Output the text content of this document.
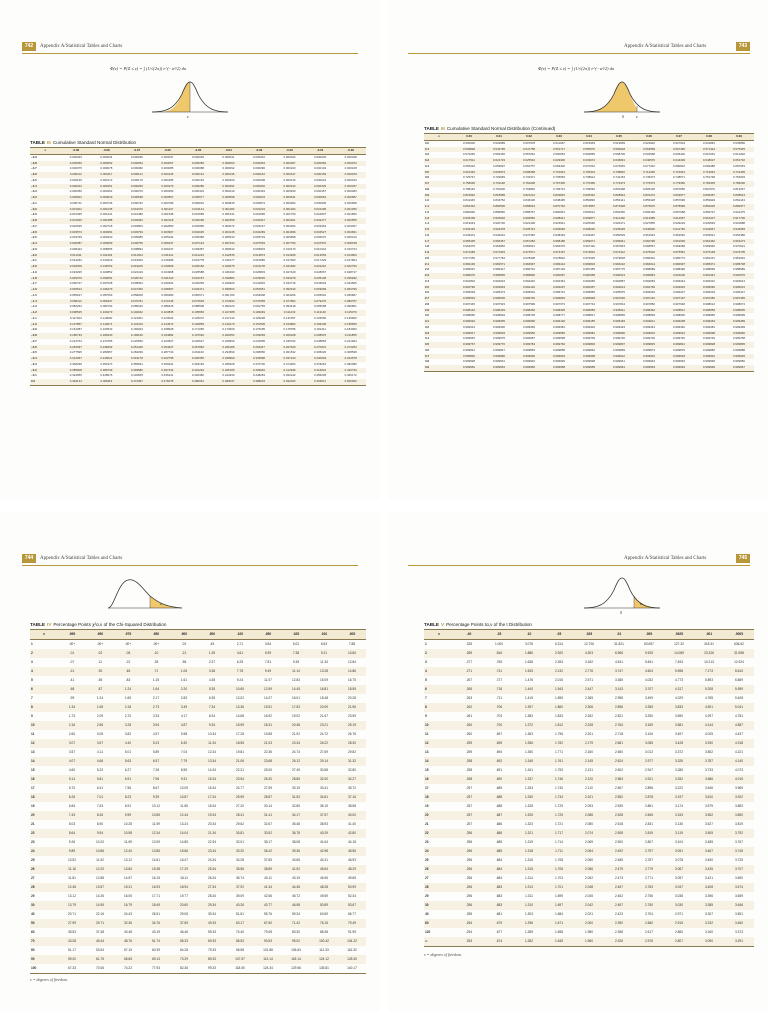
742	Appendix A/Statistical Tables and Charts
Φ(z) = P(Z ≤ z) = ∫ (1/√(2π)) e^(−u²/2) du
z
TABLE III Cumulative Standard Normal Distribution
z	-0.09	-0.08	-0.07	-0.06	-0.05	-0.04	-0.03	-0.02	-0.01	-0.00
−3.9	0.000033	0.000034	0.000036	0.000037	0.000039	0.000041	0.000042	0.000044	0.000046	0.000048
−3.8	0.000050	0.000052	0.000054	0.000057	0.000059	0.000062	0.000064	0.000067	0.000069	0.000072
−3.7	0.000075	0.000078	0.000082	0.000085	0.000088	0.000092	0.000096	0.000100	0.000104	0.000108
−3.6	0.000112	0.000117	0.000121	0.000126	0.000131	0.000136	0.000142	0.000147	0.000153	0.000159
−3.5	0.000165	0.000172	0.000179	0.000185	0.000193	0.000200	0.000208	0.000216	0.000224	0.000233
−3.4	0.000242	0.000251	0.000260	0.000270	0.000280	0.000291	0.000302	0.000313	0.000325	0.000337
−3.3	0.000350	0.000362	0.000376	0.000390	0.000404	0.000419	0.000434	0.000450	0.000467	0.000483
−3.2	0.000501	0.000519	0.000538	0.000557	0.000577	0.000598	0.000619	0.000641	0.000664	0.000687
−3.1	0.000711	0.000736	0.000762	0.000789	0.000816	0.000845	0.000874	0.000904	0.000935	0.000968
−3.0	0.001001	0.001035	0.001070	0.001107	0.001144	0.001183	0.001223	0.001264	0.001306	0.001350
−2.9	0.001395	0.001441	0.001489	0.001538	0.001589	0.001641	0.001695	0.001750	0.001807	0.001866
−2.8	0.001926	0.001988	0.002052	0.002118	0.002186	0.002256	0.002327	0.002401	0.002477	0.002555
−2.7	0.002635	0.002718	0.002803	0.002890	0.002980	0.003072	0.003167	0.003264	0.003364	0.003467
−2.6	0.003573	0.003681	0.003793	0.003907	0.004025	0.004145	0.004269	0.004396	0.004527	0.004661
−2.5	0.004799	0.004940	0.005085	0.005234	0.005386	0.005543	0.005703	0.005868	0.006037	0.006210
−2.4	0.006387	0.006569	0.006756	0.006947	0.007143	0.007344	0.007549	0.007760	0.007976	0.008198
−2.3	0.008424	0.008656	0.008894	0.009137	0.009387	0.009642	0.009903	0.010170	0.010444	0.010724
−2.2	0.011011	0.011304	0.011604	0.011911	0.012224	0.012545	0.012874	0.013209	0.013553	0.013903
−2.1	0.014262	0.014629	0.015003	0.015386	0.015778	0.016177	0.016586	0.017003	0.017429	0.017864
−2.0	0.018309	0.018763	0.019226	0.019699	0.020182	0.020675	0.021178	0.021692	0.022216	0.022750
−1.9	0.023295	0.023852	0.024419	0.024998	0.025588	0.026190	0.026803	0.027429	0.028067	0.028717
−1.8	0.029379	0.030054	0.030742	0.031443	0.032157	0.032884	0.033625	0.034379	0.035148	0.035930
−1.7	0.036727	0.037538	0.038364	0.039204	0.040059	0.040929	0.041815	0.042716	0.043633	0.044565
−1.6	0.045514	0.046479	0.047460	0.048457	0.049471	0.050503	0.051551	0.052616	0.053699	0.054799
−1.5	0.055917	0.057053	0.058208	0.059380	0.060571	0.061780	0.063008	0.064256	0.065522	0.066807
−1.4	0.068112	0.069437	0.070781	0.072145	0.073529	0.074934	0.076359	0.077804	0.079270	0.080757
−1.3	0.082264	0.083793	0.085343	0.086915	0.088508	0.090123	0.091759	0.093418	0.095098	0.096801
−1.2	0.098525	0.100273	0.102042	0.103835	0.105650	0.107488	0.109349	0.111233	0.113140	0.115070
−1.1	0.117023	0.119000	0.121001	0.123024	0.125072	0.127143	0.129238	0.131357	0.133500	0.135666
−1.0	0.137857	0.140071	0.142310	0.144572	0.146859	0.149170	0.151505	0.153864	0.156248	0.158655
−0.9	0.161087	0.163543	0.166023	0.168528	0.171056	0.173609	0.176185	0.178786	0.181411	0.184060
−0.8	0.186733	0.189430	0.192150	0.194894	0.197662	0.200454	0.203269	0.206108	0.208970	0.211855
−0.7	0.214764	0.217695	0.220650	0.223627	0.226627	0.229650	0.232695	0.235762	0.238852	0.241964
−0.6	0.245097	0.248252	0.251429	0.254627	0.257846	0.261086	0.264347	0.267629	0.270931	0.274253
−0.5	0.277595	0.280957	0.284339	0.287740	0.291160	0.294599	0.298056	0.301532	0.305026	0.308538
−0.4	0.312067	0.315614	0.319178	0.322758	0.326355	0.329969	0.333598	0.337243	0.340903	0.344578
−0.3	0.348268	0.351973	0.355691	0.359424	0.363169	0.366928	0.370700	0.374484	0.378281	0.382089
−0.2	0.385908	0.389739	0.393580	0.397432	0.401294	0.405165	0.409046	0.412936	0.416834	0.420740
−0.1	0.424655	0.428576	0.432505	0.436441	0.440382	0.444330	0.448283	0.452242	0.456205	0.460172
0.0	0.464144	0.468119	0.472097	0.476078	0.480061	0.484047	0.488034	0.492022	0.496011	0.500000
Appendix A/Statistical Tables and Charts	743
Φ(z) = P(Z ≤ z) = ∫ (1/√(2π)) e^(−u²/2) du
0	z
TABLE III Cumulative Standard Normal Distribution (Continued)
z	0.00	0.01	0.02	0.03	0.04	0.05	0.06	0.07	0.08	0.09
0.0	0.500000	0.503989	0.507978	0.511967	0.515953	0.519939	0.523922	0.527903	0.531881	0.535856
0.1	0.539828	0.543795	0.547758	0.551717	0.555670	0.559618	0.563559	0.567495	0.571424	0.575345
0.2	0.579260	0.583166	0.587064	0.590954	0.594835	0.598706	0.602568	0.606420	0.610261	0.614092
0.3	0.617911	0.621719	0.625516	0.629300	0.633072	0.636831	0.640576	0.644309	0.648027	0.651732
0.4	0.655422	0.659097	0.662757	0.666402	0.670031	0.673645	0.677242	0.680822	0.684386	0.687933
0.5	0.691462	0.694974	0.698468	0.701944	0.705401	0.708840	0.712260	0.715661	0.719043	0.722405
0.6	0.725747	0.729069	0.732371	0.735653	0.738914	0.742154	0.745373	0.748571	0.751748	0.754903
0.7	0.758036	0.761148	0.764238	0.767305	0.770350	0.773373	0.776373	0.779350	0.782305	0.785236
0.8	0.788145	0.791030	0.793892	0.796731	0.799546	0.802338	0.805106	0.807850	0.810570	0.813267
0.9	0.815940	0.818589	0.821214	0.823815	0.826391	0.828944	0.831472	0.833977	0.836457	0.838913
1.0	0.841345	0.843752	0.846136	0.848495	0.850830	0.853141	0.855428	0.857690	0.859929	0.862143
1.1	0.864334	0.866500	0.868643	0.870762	0.872857	0.874928	0.876976	0.878999	0.881000	0.882977
1.2	0.884930	0.886860	0.888767	0.890651	0.892512	0.894350	0.896165	0.897958	0.899727	0.901475
1.3	0.903199	0.904902	0.906582	0.908241	0.909877	0.911492	0.913085	0.914657	0.916207	0.917736
1.4	0.919243	0.920730	0.922196	0.923641	0.925066	0.926471	0.927855	0.929219	0.930563	0.931888
1.5	0.933193	0.934478	0.935744	0.936992	0.938220	0.939429	0.940620	0.941792	0.942947	0.944083
1.6	0.945201	0.946301	0.947384	0.948449	0.949497	0.950529	0.951543	0.952540	0.953521	0.954486
1.7	0.955435	0.956367	0.957284	0.958185	0.959071	0.959941	0.960796	0.961636	0.962462	0.963273
1.8	0.964070	0.964852	0.965621	0.966375	0.967116	0.967843	0.968557	0.969258	0.969946	0.970621
1.9	0.971283	0.971933	0.972571	0.973197	0.973810	0.974412	0.975002	0.975581	0.976148	0.976705
2.0	0.977250	0.977784	0.978308	0.978822	0.979325	0.979818	0.980301	0.980774	0.981237	0.981691
2.1	0.982136	0.982571	0.982997	0.983414	0.983823	0.984222	0.984614	0.984997	0.985371	0.985738
2.2	0.986097	0.986447	0.986791	0.987126	0.987455	0.987776	0.988089	0.988396	0.988696	0.988989
2.3	0.989276	0.989556	0.989830	0.990097	0.990358	0.990613	0.990863	0.991106	0.991344	0.991576
2.4	0.991802	0.992024	0.992240	0.992451	0.992656	0.992857	0.993053	0.993244	0.993431	0.993613
2.5	0.993790	0.993963	0.994132	0.994297	0.994457	0.994614	0.994766	0.994915	0.995060	0.995201
2.6	0.995339	0.995473	0.995604	0.995731	0.995855	0.995975	0.996093	0.996207	0.996319	0.996427
2.7	0.996533	0.996636	0.996736	0.996833	0.996928	0.997020	0.997110	0.997197	0.997282	0.997365
2.8	0.997445	0.997523	0.997599	0.997673	0.997744	0.997814	0.997882	0.997948	0.998012	0.998074
2.9	0.998134	0.998193	0.998250	0.998305	0.998359	0.998411	0.998462	0.998511	0.998559	0.998605
3.0	0.998650	0.998694	0.998736	0.998777	0.998817	0.998856	0.998893	0.998930	0.998965	0.998999
3.1	0.999032	0.999065	0.999096	0.999126	0.999155	0.999184	0.999211	0.999238	0.999264	0.999289
3.2	0.999313	0.999336	0.999359	0.999381	0.999402	0.999423	0.999443	0.999462	0.999481	0.999499
3.3	0.999517	0.999533	0.999550	0.999566	0.999581	0.999596	0.999610	0.999624	0.999638	0.999650
3.4	0.999663	0.999675	0.999687	0.999698	0.999709	0.999720	0.999730	0.999740	0.999749	0.999758
3.5	0.999767	0.999776	0.999784	0.999792	0.999800	0.999807	0.999815	0.999821	0.999828	0.999835
3.6	0.999841	0.999847	0.999853	0.999858	0.999864	0.999869	0.999874	0.999879	0.999883	0.999888
3.7	0.999892	0.999896	0.999900	0.999904	0.999908	0.999912	0.999915	0.999918	0.999922	0.999925
3.8	0.999928	0.999931	0.999933	0.999936	0.999938	0.999941	0.999943	0.999946	0.999948	0.999950
3.9	0.999952	0.999954	0.999956	0.999958	0.999959	0.999961	0.999963	0.999964	0.999966	0.999967
744	Appendix A/Statistical Tables and Charts
α
TABLE IV Percentage Points χ²α,ν of the Chi-Squared Distribution
ν	.995	.990	.975	.950	.900	.500	.100	.050	.025	.010	.005
1	.00+	.00+	.00+	.00+	.02	.45	2.71	3.84	5.02	6.63	7.88
2	.01	.02	.05	.10	.21	1.39	4.61	5.99	7.38	9.21	10.60
3	.07	.11	.22	.35	.58	2.37	6.25	7.81	9.35	11.34	12.84
4	.21	.30	.48	.71	1.06	3.36	7.78	9.49	11.14	13.28	14.86
5	.41	.55	.83	1.15	1.61	4.35	9.24	11.07	12.83	15.09	16.75
6	.68	.87	1.24	1.64	2.20	5.35	10.65	12.59	14.45	16.81	18.55
7	.99	1.24	1.69	2.17	2.83	6.35	12.02	14.07	16.01	18.48	20.28
8	1.34	1.65	2.18	2.73	3.49	7.34	13.36	15.51	17.53	20.09	21.96
9	1.73	2.09	2.70	3.33	4.17	8.34	14.68	16.92	19.02	21.67	23.59
10	2.16	2.56	3.25	3.94	4.87	9.34	15.99	18.31	20.48	23.21	25.19
11	2.60	3.05	3.82	4.57	5.58	10.34	17.28	19.68	21.92	24.72	26.76
12	3.07	3.57	4.40	5.23	6.30	11.34	18.55	21.03	23.34	26.22	28.30
13	3.57	4.11	5.01	5.89	7.04	12.34	19.81	22.36	24.74	27.69	29.82
14	4.07	4.66	5.63	6.57	7.79	13.34	21.06	23.68	26.12	29.14	31.32
15	4.60	5.23	6.27	7.26	8.55	14.34	22.31	25.00	27.49	30.58	32.80
16	5.14	5.81	6.91	7.96	9.31	15.34	23.54	26.30	28.85	32.00	34.27
17	5.70	6.41	7.56	8.67	10.09	16.34	24.77	27.59	30.19	33.41	35.72
18	6.26	7.01	8.23	9.39	10.87	17.34	25.99	28.87	31.53	34.81	37.16
19	6.84	7.63	8.91	10.12	11.65	18.34	27.20	30.14	32.85	36.19	38.58
20	7.43	8.26	9.59	10.85	12.44	19.34	28.41	31.41	34.17	37.57	40.00
21	8.03	8.90	10.28	11.59	13.24	20.34	29.62	32.67	35.48	38.93	41.40
22	8.64	9.54	10.98	12.34	14.04	21.34	30.81	33.92	36.78	40.29	42.80
23	9.26	10.20	11.69	13.09	14.85	22.34	32.01	35.17	38.08	41.64	44.18
24	9.89	10.86	12.40	13.85	15.66	23.34	33.20	36.42	39.36	42.98	45.56
25	10.52	11.52	13.12	14.61	16.47	24.34	34.28	37.65	40.65	44.31	46.93
26	11.16	12.20	13.84	15.38	17.29	25.34	35.56	38.89	41.92	45.64	48.29
27	11.81	12.88	14.57	16.15	18.11	26.34	36.74	40.11	43.19	46.96	49.65
28	12.46	13.57	15.31	16.93	18.94	27.34	37.92	41.34	44.46	48.28	50.99
29	13.12	14.26	16.05	17.71	19.77	28.34	39.09	42.56	45.72	49.59	52.34
30	13.79	14.95	16.79	18.49	20.60	29.34	40.26	43.77	46.98	50.89	53.67
40	20.71	22.16	24.43	26.51	29.05	39.34	51.81	55.76	59.34	63.69	66.77
50	27.99	29.71	32.36	34.76	37.69	49.33	63.17	67.50	71.42	76.15	79.49
60	35.53	37.48	40.48	43.19	46.46	59.33	74.40	79.08	83.30	88.38	91.95
70	43.28	45.44	48.76	51.74	55.33	69.33	85.53	90.53	95.02	100.42	104.22
80	51.17	53.54	57.15	60.39	64.28	79.33	96.58	101.88	106.63	112.33	116.32
90	59.20	61.75	65.65	69.13	73.29	89.33	107.57	113.14	118.14	124.12	128.30
100	67.33	70.06	74.22	77.93	82.36	99.33	118.50	124.34	129.56	135.81	140.17
ν = degrees of freedom.
Appendix A/Statistical Tables and Charts	745
α
0
TABLE V Percentage Points tα,ν of the t Distribution
ν	.40	.25	.10	.05	.025	.01	.005	.0025	.001	.0005
1	.325	1.000	3.078	6.314	12.706	31.821	63.657	127.32	318.31	636.62
2	.289	.816	1.886	2.920	4.303	6.965	9.925	14.089	23.326	31.598
3	.277	.765	1.638	2.353	3.182	4.541	5.841	7.453	10.213	12.924
4	.271	.741	1.533	2.132	2.776	3.747	4.604	5.598	7.173	8.610
5	.267	.727	1.476	2.015	2.571	3.365	4.032	4.773	5.893	6.869
6	.265	.718	1.440	1.943	2.447	3.143	3.707	4.317	5.208	5.959
7	.263	.711	1.415	1.895	2.365	2.998	3.499	4.029	4.785	5.408
8	.262	.706	1.397	1.860	2.306	2.896	3.355	3.833	4.501	5.041
9	.261	.703	1.383	1.833	2.262	2.821	3.250	3.690	4.297	4.781
10	.260	.700	1.372	1.812	2.228	2.764	3.169	3.581	4.144	4.587
11	.260	.697	1.363	1.796	2.201	2.718	3.106	3.497	4.025	4.437
12	.259	.695	1.356	1.782	2.179	2.681	3.055	3.428	3.930	4.318
13	.259	.694	1.350	1.771	2.160	2.650	3.012	3.372	3.852	4.221
14	.258	.692	1.345	1.761	2.145	2.624	2.977	3.326	3.787	4.140
15	.258	.691	1.341	1.753	2.131	2.602	2.947	3.286	3.733	4.073
16	.258	.690	1.337	1.746	2.120	2.583	2.921	3.252	3.686	4.015
17	.257	.689	1.333	1.740	2.110	2.567	2.898	3.222	3.646	3.965
18	.257	.688	1.330	1.734	2.101	2.552	2.878	3.197	3.610	3.922
19	.257	.688	1.328	1.729	2.093	2.539	2.861	3.174	3.579	3.883
20	.257	.687	1.325	1.725	2.086	2.528	2.845	3.153	3.552	3.850
21	.257	.686	1.323	1.721	2.080	2.518	2.831	3.135	3.527	3.819
22	.256	.686	1.321	1.717	2.074	2.508	2.819	3.119	3.505	3.792
23	.256	.685	1.319	1.714	2.069	2.500	2.807	3.104	3.485	3.767
24	.256	.685	1.318	1.711	2.064	2.492	2.797	3.091	3.467	3.745
25	.256	.684	1.316	1.708	2.060	2.485	2.787	3.078	3.450	3.725
26	.256	.684	1.315	1.706	2.056	2.479	2.779	3.067	3.435	3.707
27	.256	.684	1.314	1.703	2.052	2.473	2.771	3.057	3.421	3.690
28	.256	.683	1.313	1.701	2.048	2.467	2.763	3.047	3.408	3.674
29	.256	.683	1.311	1.699	2.045	2.462	2.756	3.038	3.396	3.659
30	.256	.683	1.310	1.697	2.042	2.457	2.750	3.030	3.385	3.646
40	.255	.681	1.303	1.684	2.021	2.423	2.704	2.971	3.307	3.551
60	.254	.679	1.296	1.671	2.000	2.390	2.660	2.915	3.232	3.460
120	.254	.677	1.289	1.658	1.980	2.358	2.617	2.860	3.160	3.373
∞	.253	.674	1.282	1.645	1.960	2.326	2.576	2.807	3.090	3.291
ν = degrees of freedom.
